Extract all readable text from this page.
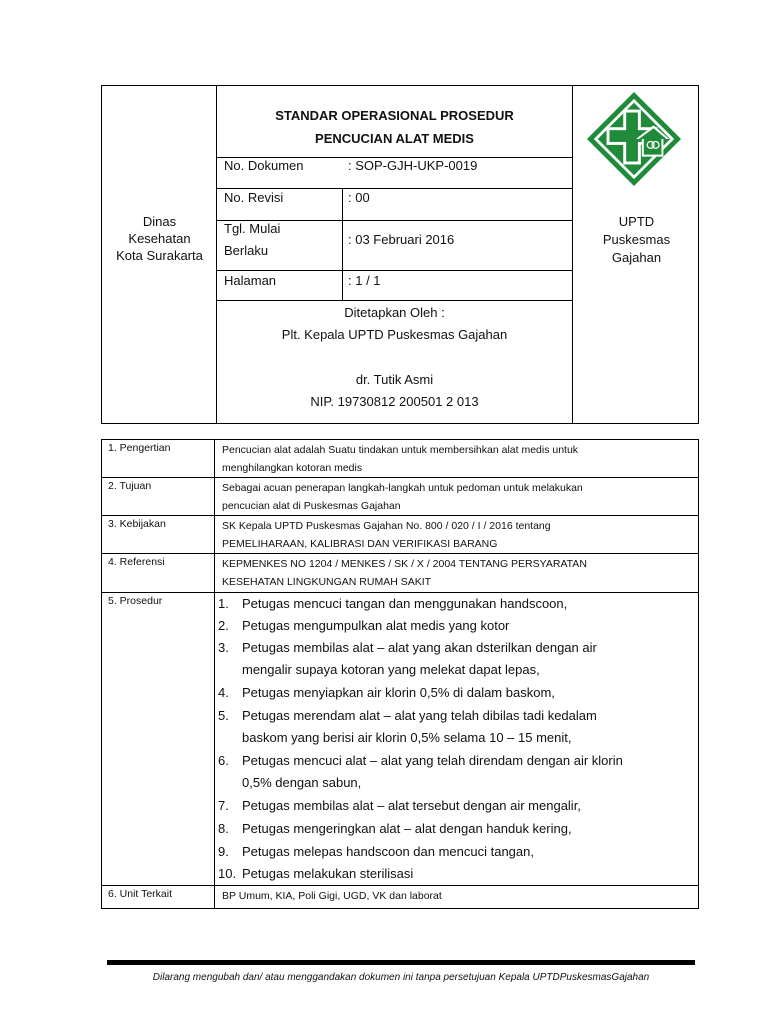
Dinas
Kesehatan
Kota Surakarta
STANDAR OPERASIONAL PROSEDUR
PENCUCIAN ALAT MEDIS
No. Dokumen	: SOP-GJH-UKP-0019
No. Revisi	: 00
Tgl. Mulai
Berlaku
: 03 Februari 2016
Halaman	: 1 / 1
Ditetapkan Oleh :
Plt. Kepala UPTD Puskesmas Gajahan
dr. Tutik Asmi
NIP. 19730812 200501 2 013
UPTD
Puskesmas
Gajahan
1. Pengertian	Pencucian alat adalah Suatu tindakan untuk membersihkan alat medis untuk
menghilangkan kotoran medis
2. Tujuan	Sebagai acuan penerapan langkah-langkah untuk pedoman untuk melakukan
pencucian alat di Puskesmas Gajahan
3. Kebijakan	SK Kepala UPTD Puskesmas Gajahan No. 800 / 020 / I / 2016 tentang
PEMELIHARAAN, KALIBRASI DAN VERIFIKASI BARANG
4. Referensi	KEPMENKES NO 1204 / MENKES / SK / X / 2004 TENTANG PERSYARATAN
KESEHATAN LINGKUNGAN RUMAH SAKIT
5. Prosedur	1.	Petugas mencuci tangan dan menggunakan handscoon,
2.	Petugas mengumpulkan alat medis yang kotor
3.	Petugas membilas alat – alat yang akan dsterilkan dengan air
mengalir supaya kotoran yang melekat dapat lepas,
4.	Petugas menyiapkan air klorin 0,5% di dalam baskom,
5.	Petugas merendam alat – alat yang telah dibilas tadi kedalam
baskom yang berisi air klorin 0,5% selama 10 – 15 menit,
6.	Petugas mencuci alat – alat yang telah direndam dengan air klorin
0,5% dengan sabun,
7.	Petugas membilas alat – alat tersebut dengan air mengalir,
8.	Petugas mengeringkan alat – alat dengan handuk kering,
9.	Petugas melepas handscoon dan mencuci tangan,
10. Petugas melakukan sterilisasi
6. Unit Terkait	BP Umum, KIA, Poli Gigi, UGD, VK dan laborat
Dilarang mengubah dan/ atau menggandakan dokumen ini tanpa persetujuan Kepala UPTDPuskesmasGajahan
